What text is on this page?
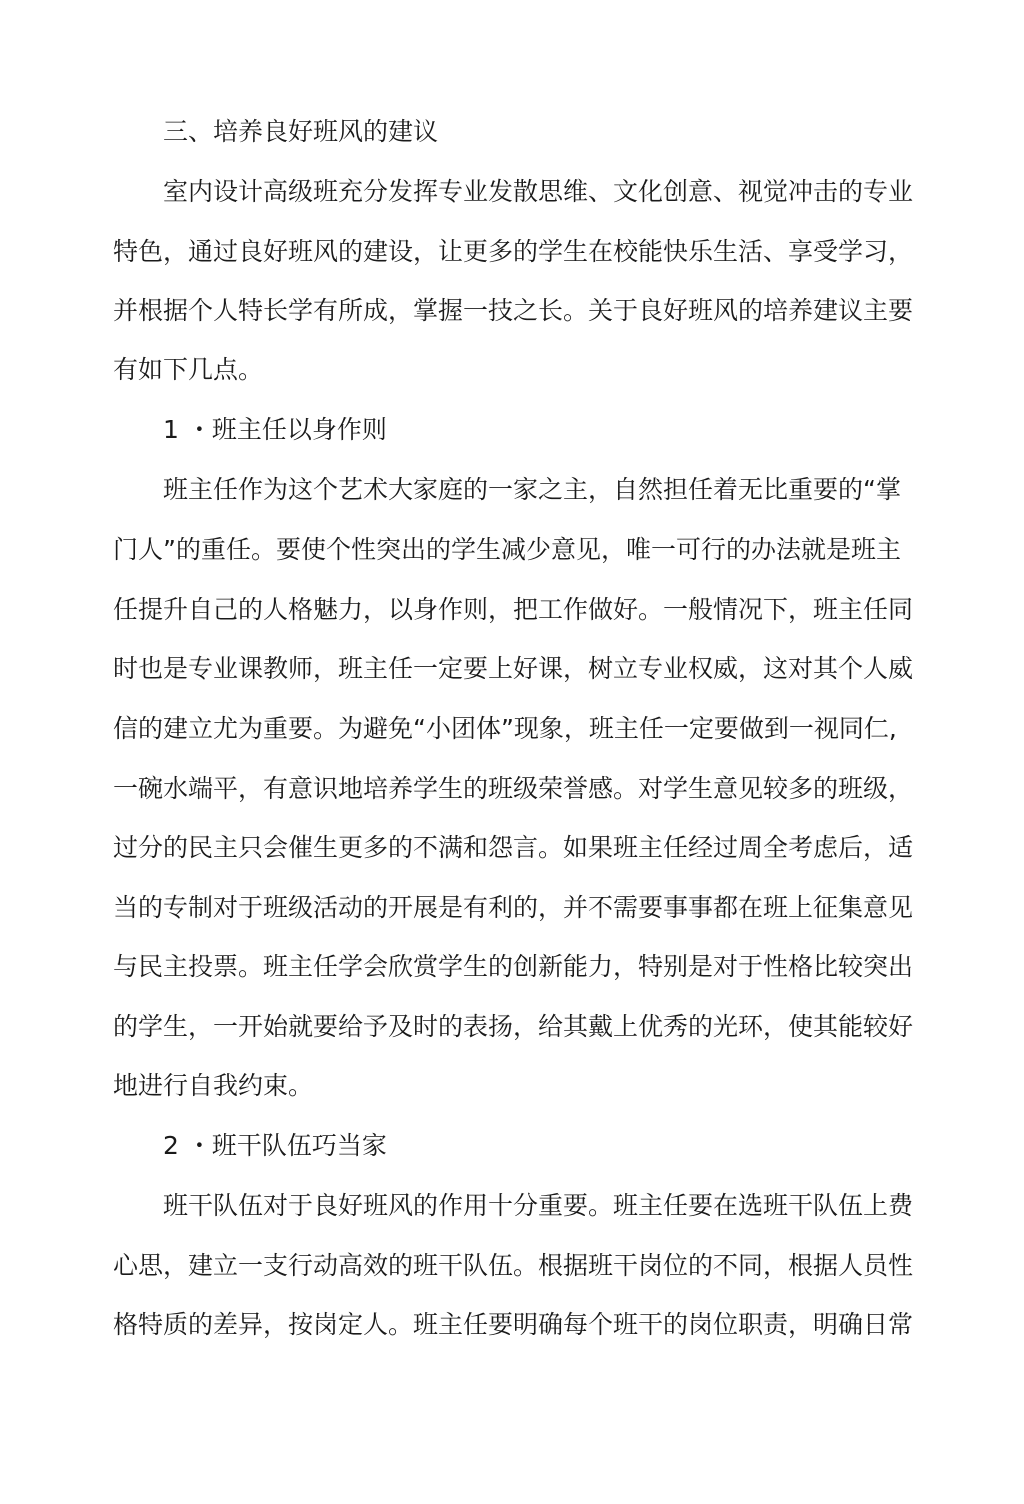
三、培养良好班风的建议
室内设计高级班充分发挥专业发散思维、文化创意、视觉冲击的专业
特色，通过良好班风的建设，让更多的学生在校能快乐生活、享受学习，
并根据个人特长学有所成，掌握一技之长。关于良好班风的培养建议主要
有如下几点。
1 ・班主任以身作则
班主任作为这个艺术大家庭的一家之主，自然担任着无比重要的“掌
门人”的重任。要使个性突出的学生减少意见，唯一可行的办法就是班主
任提升自己的人格魅力，以身作则，把工作做好。一般情况下，班主任同
时也是专业课教师，班主任一定要上好课，树立专业权威，这对其个人威
信的建立尤为重要。为避免“小团体”现象，班主任一定要做到一视同仁,
一碗水端平，有意识地培养学生的班级荣誉感。对学生意见较多的班级，
过分的民主只会催生更多的不满和怨言。如果班主任经过周全考虑后，适
当的专制对于班级活动的开展是有利的，并不需要事事都在班上征集意见
与民主投票。班主任学会欣赏学生的创新能力，特别是对于性格比较突出
的学生，一开始就要给予及时的表扬，给其戴上优秀的光环，使其能较好
地进行自我约束。
2 ・班干队伍巧当家
班干队伍对于良好班风的作用十分重要。班主任要在选班干队伍上费
心思，建立一支行动高效的班干队伍。根据班干岗位的不同，根据人员性
格特质的差异，按岗定人。班主任要明确每个班干的岗位职责，明确日常
